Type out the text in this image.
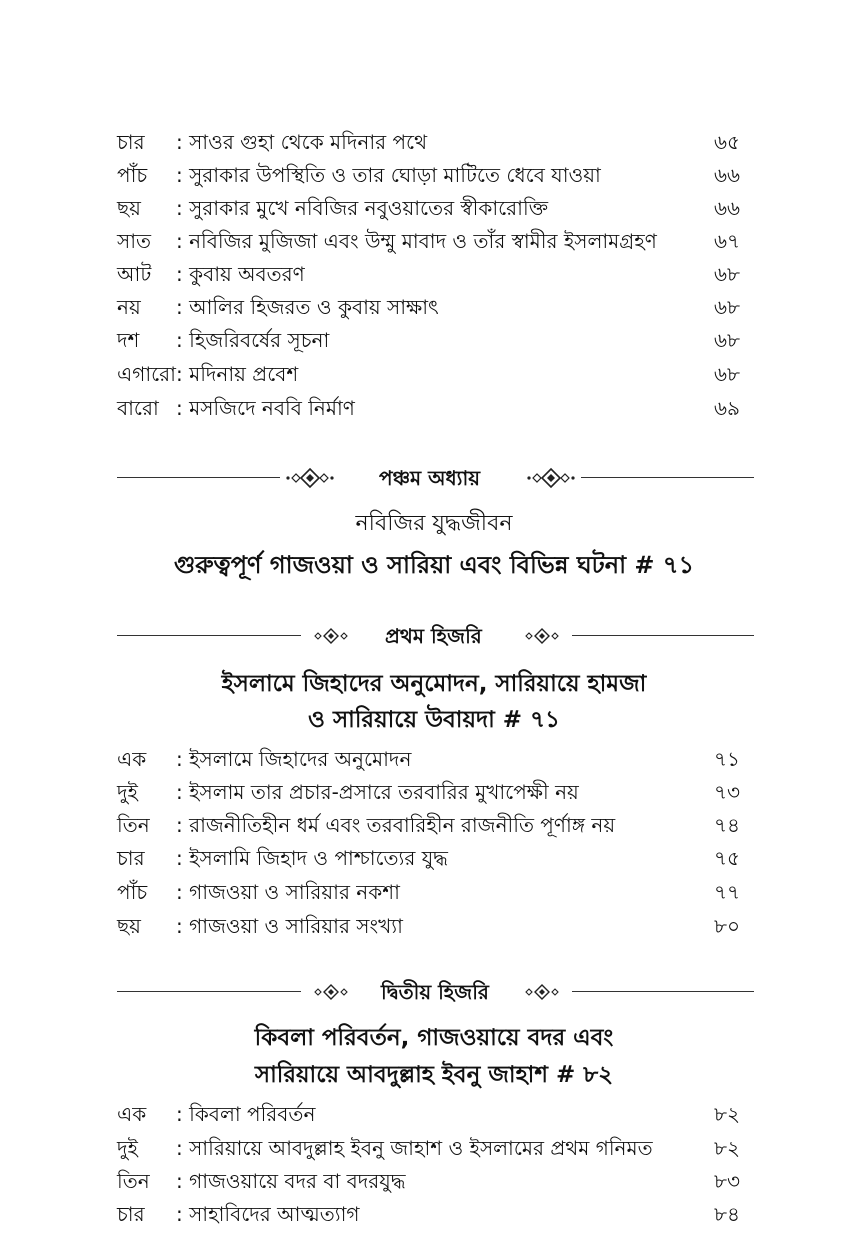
চার : সাওর গুহা থেকে মদিনার পথে	৬৫
পাঁচ : সুরাকার উপস্থিতি ও তার ঘোড়া মাটিতে ধেবে যাওয়া	৬৬
ছয় : সুরাকার মুখে নবিজির নবুওয়াতের স্বীকারোক্তি	৬৬
সাত : নবিজির মুজিজা এবং উম্মু মাবাদ ও তাঁর স্বামীর ইসলামগ্রহণ	৬৭
আট : কুবায় অবতরণ	৬৮
নয় : আলির হিজরত ও কুবায় সাক্ষাৎ	৬৮
দশ : হিজরিবর্ষের সূচনা	৬৮
এগারো : মদিনায় প্রবেশ	৬৮
বারো : মসজিদে নববি নির্মাণ	৬৯
পঞ্চম অধ্যায়
নবিজির যুদ্ধজীবন
গুরুত্বপূর্ণ গাজওয়া ও সারিয়া এবং বিভিন্ন ঘটনা # ৭১
প্রথম হিজরি
ইসলামে জিহাদের অনুমোদন, সারিয়ায়ে হামজা
ও সারিয়ায়ে উবায়দা # ৭১
এক : ইসলামে জিহাদের অনুমোদন	৭১
দুই : ইসলাম তার প্রচার-প্রসারে তরবারির মুখাপেক্ষী নয়	৭৩
তিন : রাজনীতিহীন ধর্ম এবং তরবারিহীন রাজনীতি পূর্ণাঙ্গ নয়	৭৪
চার : ইসলামি জিহাদ ও পাশ্চাত্যের যুদ্ধ	৭৫
পাঁচ : গাজওয়া ও সারিয়ার নকশা	৭৭
ছয় : গাজওয়া ও সারিয়ার সংখ্যা	৮০
দ্বিতীয় হিজরি
কিবলা পরিবর্তন, গাজওয়ায়ে বদর এবং
সারিয়ায়ে আবদুল্লাহ ইবনু জাহাশ # ৮২
এক : কিবলা পরিবর্তন	৮২
দুই : সারিয়ায়ে আবদুল্লাহ ইবনু জাহাশ ও ইসলামের প্রথম গনিমত	৮২
তিন : গাজওয়ায়ে বদর বা বদরযুদ্ধ	৮৩
চার : সাহাবিদের আত্মত্যাগ	৮৪
